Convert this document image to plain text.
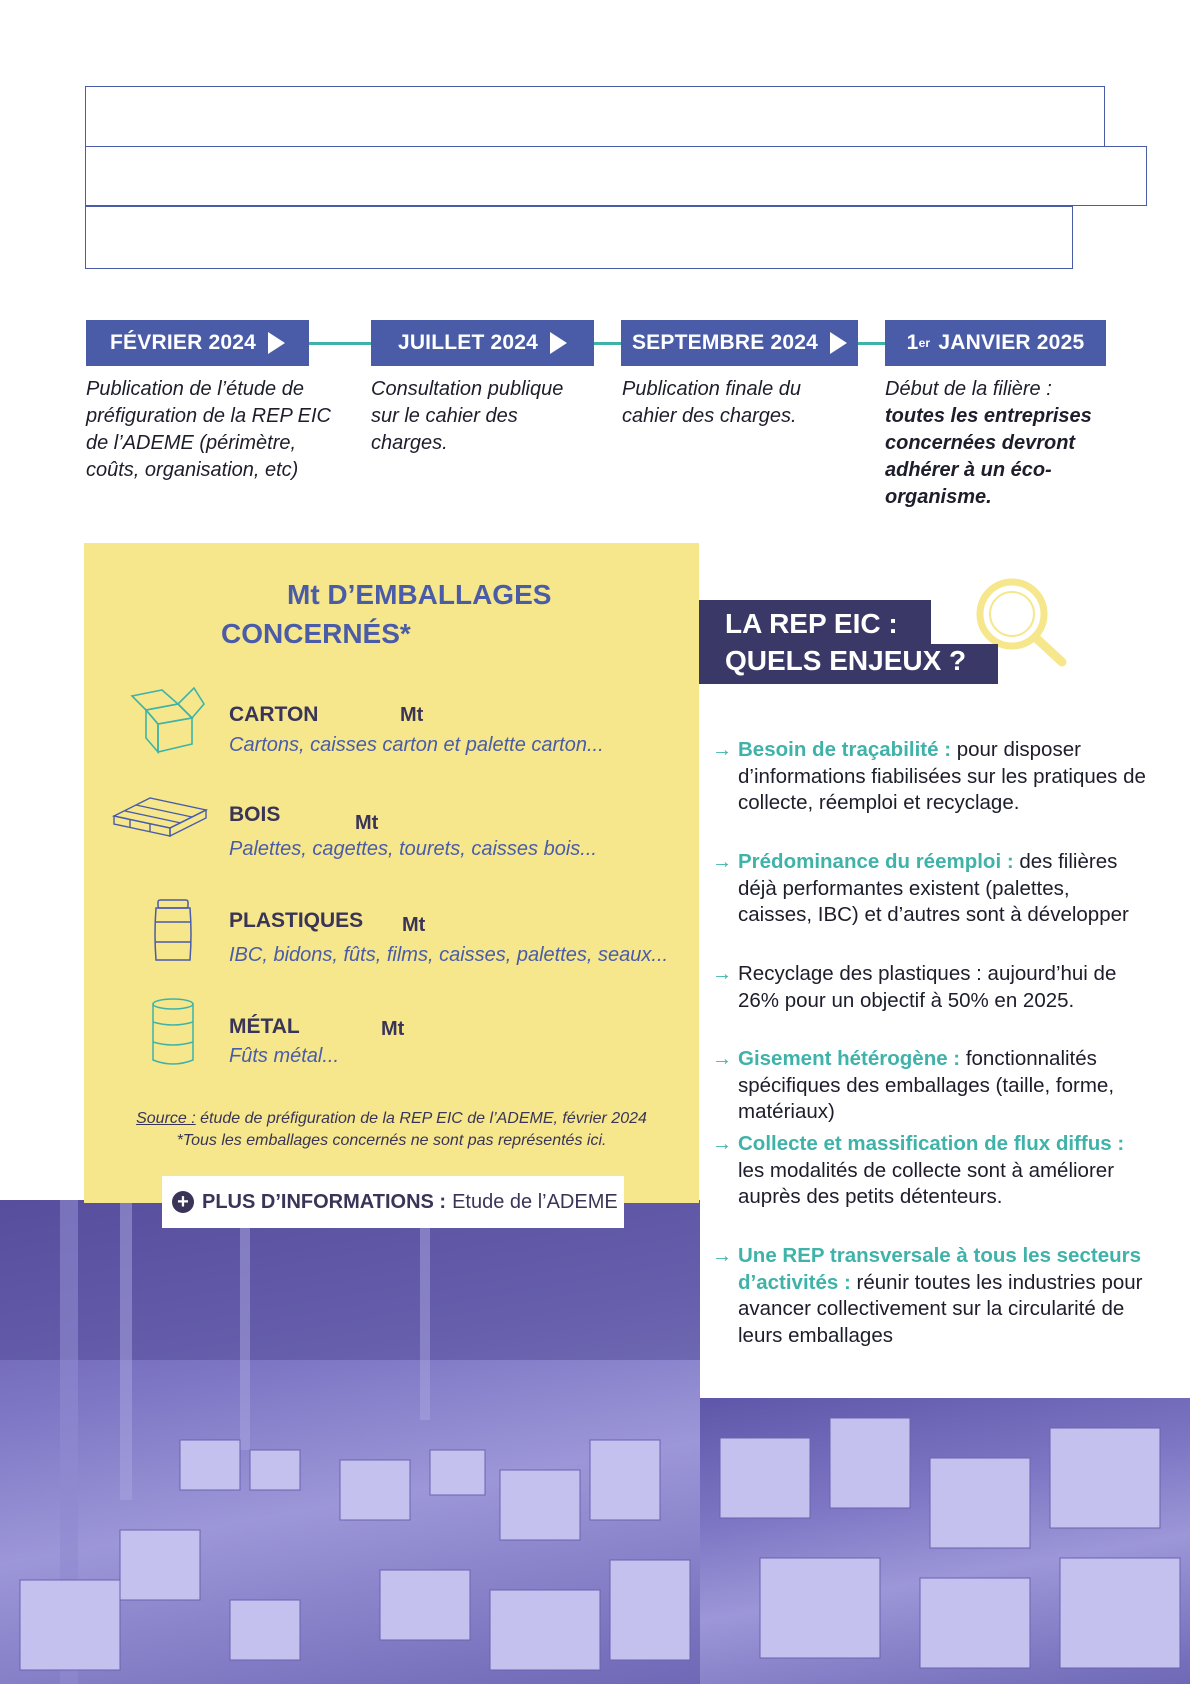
FÉVRIER 2024	JUILLET 2024	SEPTEMBRE 2024	1 er JANVIER 2025
Publication de l’étude de préfiguration de la REP EIC de l’ADEME (périmètre, coûts, organisation, etc)
Consultation publique sur le cahier des charges.
Publication finale du cahier des charges.
Début de la filière :
toutes les entreprises concernées devront adhérer à un éco-organisme.
Mt D’EMBALLAGES
CONCERNÉS*
CARTON	Mt
Cartons, caisses carton et palette carton...
BOIS	Mt
Palettes, cagettes, tourets, caisses bois...
PLASTIQUES Mt
IBC, bidons, fûts, films, caisses, palettes, seaux...
MÉTAL	Mt
Fûts métal...
Source : étude de préfiguration de la REP EIC de l’ADEME, février 2024
*Tous les emballages concernés ne sont pas représentés ici.
+ PLUS D’INFORMATIONS : Etude de l’ADEME
LA REP EIC :
QUELS ENJEUX ?
→ Besoin de traçabilité : pour disposer d’informations fiabilisées sur les pratiques de collecte, réemploi et recyclage.
→ Prédominance du réemploi : des filières déjà performantes existent (palettes, caisses, IBC) et d’autres sont à développer
→ Recyclage des plastiques : aujourd’hui de 26% pour un objectif à 50% en 2025.
→ Gisement hétérogène : fonctionnalités spécifiques des emballages (taille, forme, matériaux)
→ Collecte et massification de flux diffus : les modalités de collecte sont à améliorer auprès des petits détenteurs.
→ Une REP transversale à tous les secteurs d’activités : réunir toutes les industries pour avancer collectivement sur la circularité de leurs emballages
